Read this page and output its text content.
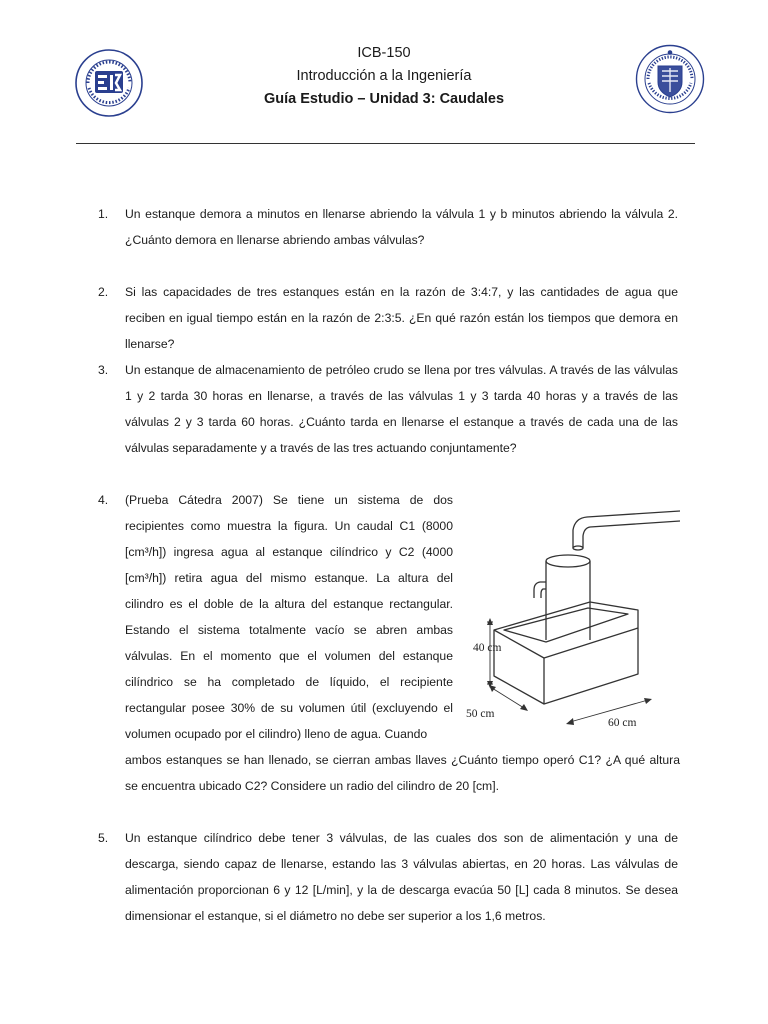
ICB-150
Introducción a la Ingeniería
Guía Estudio – Unidad 3: Caudales
1.	Un estanque demora a minutos en llenarse abriendo la válvula 1 y b minutos abriendo la válvula 2. ¿Cuánto demora en llenarse abriendo ambas válvulas?
2.	Si las capacidades de tres estanques están en la razón de 3:4:7, y las cantidades de agua que reciben en igual tiempo están en la razón de 2:3:5. ¿En qué razón están los tiempos que demora en llenarse?
3.	Un estanque de almacenamiento de petróleo crudo se llena por tres válvulas. A través de las válvulas 1 y 2 tarda 30 horas en llenarse, a través de las válvulas 1 y 3 tarda 40 horas y a través de las válvulas 2 y 3 tarda 60 horas. ¿Cuánto tarda en llenarse el estanque a través de cada una de las válvulas separadamente y a través de las tres actuando conjuntamente?
4.	(Prueba Cátedra 2007) Se tiene un sistema de dos recipientes como muestra la figura. Un caudal C1 (8000 [cm³/h]) ingresa agua al estanque cilíndrico y C2 (4000 [cm³/h]) retira agua del mismo estanque. La altura del cilindro es el doble de la altura del estanque rectangular. Estando el sistema totalmente vacío se abren ambas válvulas. En el momento que el volumen del estanque cilíndrico se ha completado de líquido, el recipiente rectangular posee 30% de su volumen útil (excluyendo el volumen ocupado por el cilindro) lleno de agua. Cuando
ambos estanques se han llenado, se cierran ambas llaves ¿Cuánto tiempo operó C1? ¿A qué altura se encuentra ubicado C2? Considere un radio del cilindro de 20 [cm].
40 cm
50 cm
60 cm
5.	Un estanque cilíndrico debe tener 3 válvulas, de las cuales dos son de alimentación y una de descarga, siendo capaz de llenarse, estando las 3 válvulas abiertas, en 20 horas. Las válvulas de alimentación proporcionan 6 y 12 [L/min], y la de descarga evacúa 50 [L] cada 8 minutos. Se desea dimensionar el estanque, si el diámetro no debe ser superior a los 1,6 metros.
